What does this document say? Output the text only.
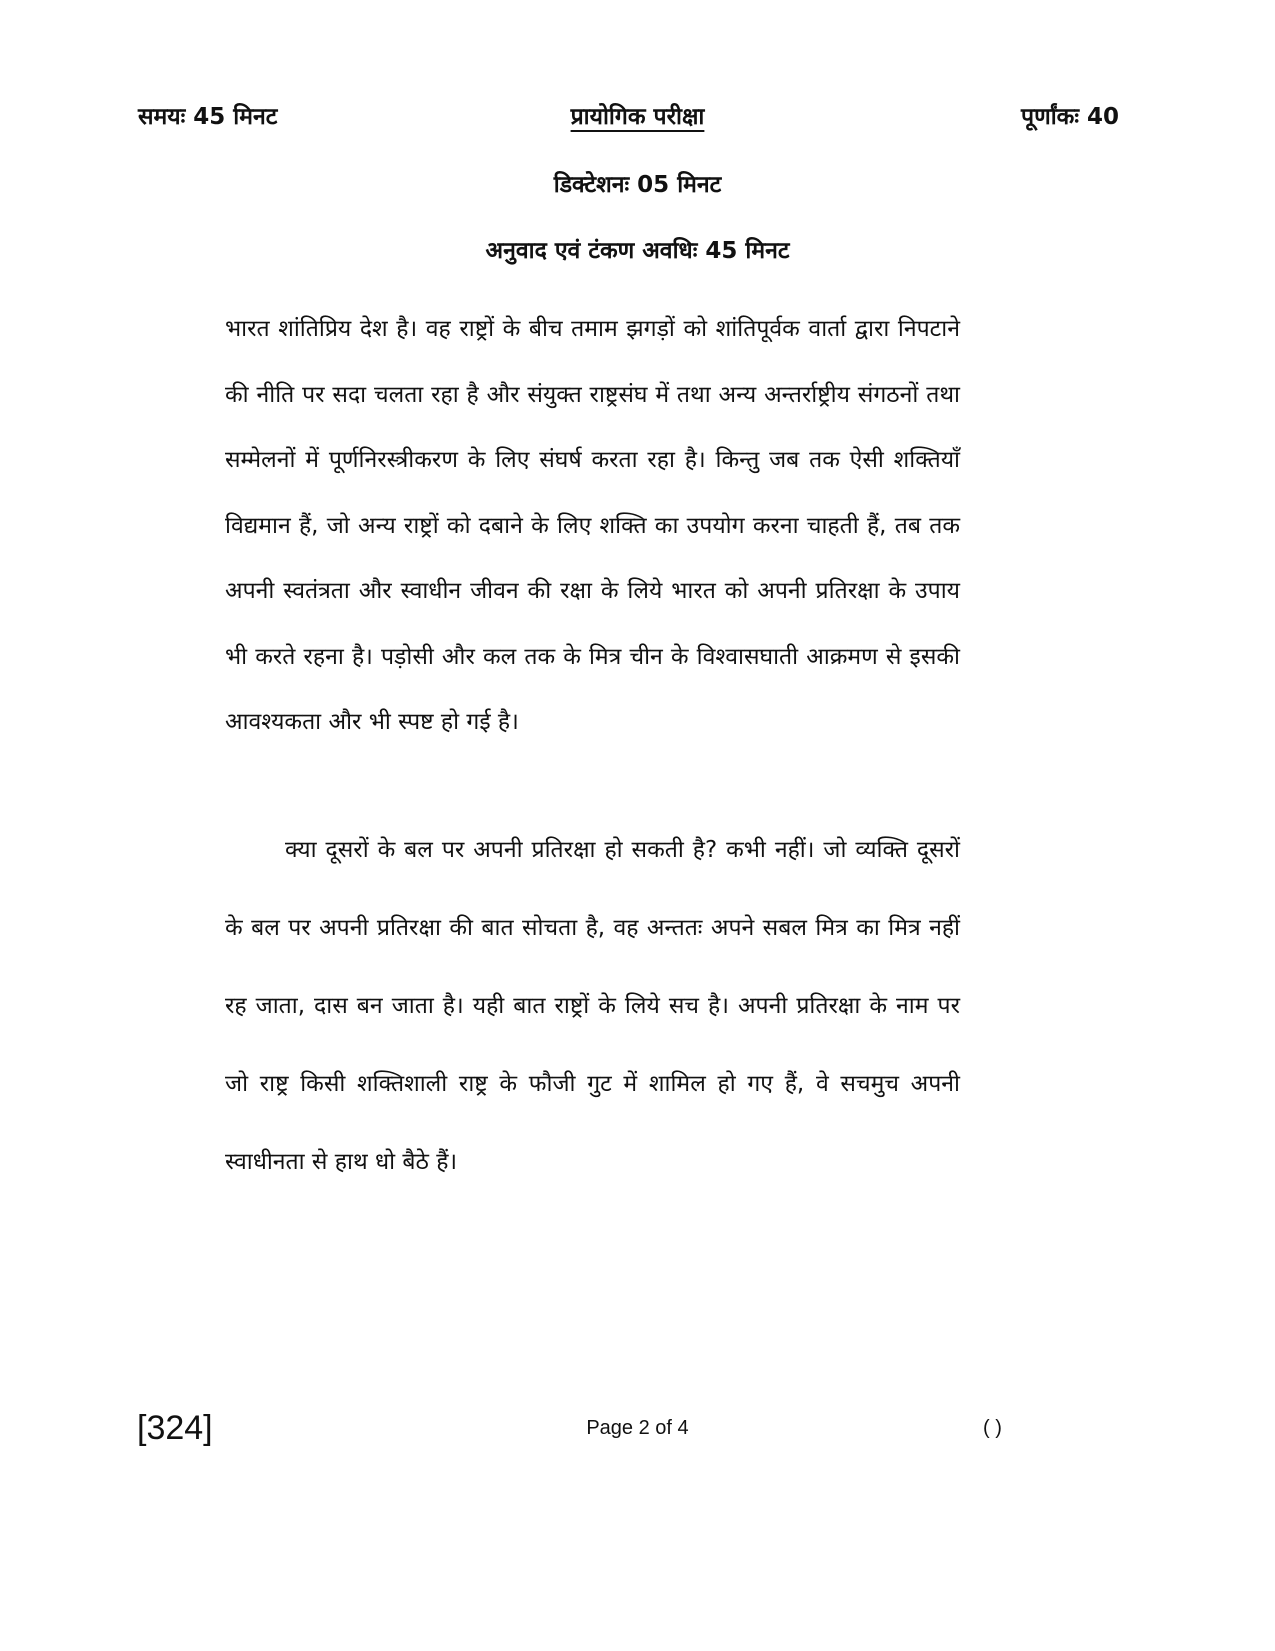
समयः 45 मिनट	प्रायोगिक परीक्षा	पूर्णांकः 40
डिक्टेशनः 05 मिनट
अनुवाद एवं टंकण अवधिः 45 मिनट

भारत शांतिप्रिय देश है। वह राष्ट्रों के बीच तमाम झगड़ों को शांतिपूर्वक वार्ता द्वारा निपटाने की नीति पर सदा चलता रहा है और संयुक्त राष्ट्रसंघ में तथा अन्य अन्तर्राष्ट्रीय संगठनों तथा सम्मेलनों में पूर्णनिरस्त्रीकरण के लिए संघर्ष करता रहा है। किन्तु जब तक ऐसी शक्तियाँ विद्यमान हैं, जो अन्य राष्ट्रों को दबाने के लिए शक्ति का उपयोग करना चाहती हैं, तब तक अपनी स्वतंत्रता और स्वाधीन जीवन की रक्षा के लिये भारत को अपनी प्रतिरक्षा के उपाय भी करते रहना है। पड़ोसी और कल तक के मित्र चीन के विश्वासघाती आक्रमण से इसकी आवश्यकता और भी स्पष्ट हो गई है।

क्या दूसरों के बल पर अपनी प्रतिरक्षा हो सकती है? कभी नहीं। जो व्यक्ति दूसरों के बल पर अपनी प्रतिरक्षा की बात सोचता है, वह अन्ततः अपने सबल मित्र का मित्र नहीं रह जाता, दास बन जाता है। यही बात राष्ट्रों के लिये सच है। अपनी प्रतिरक्षा के नाम पर जो राष्ट्र किसी शक्तिशाली राष्ट्र के फौजी गुट में शामिल हो गए हैं, वे सचमुच अपनी स्वाधीनता से हाथ धो बैठे हैं।

[324]	Page 2 of 4	( )
